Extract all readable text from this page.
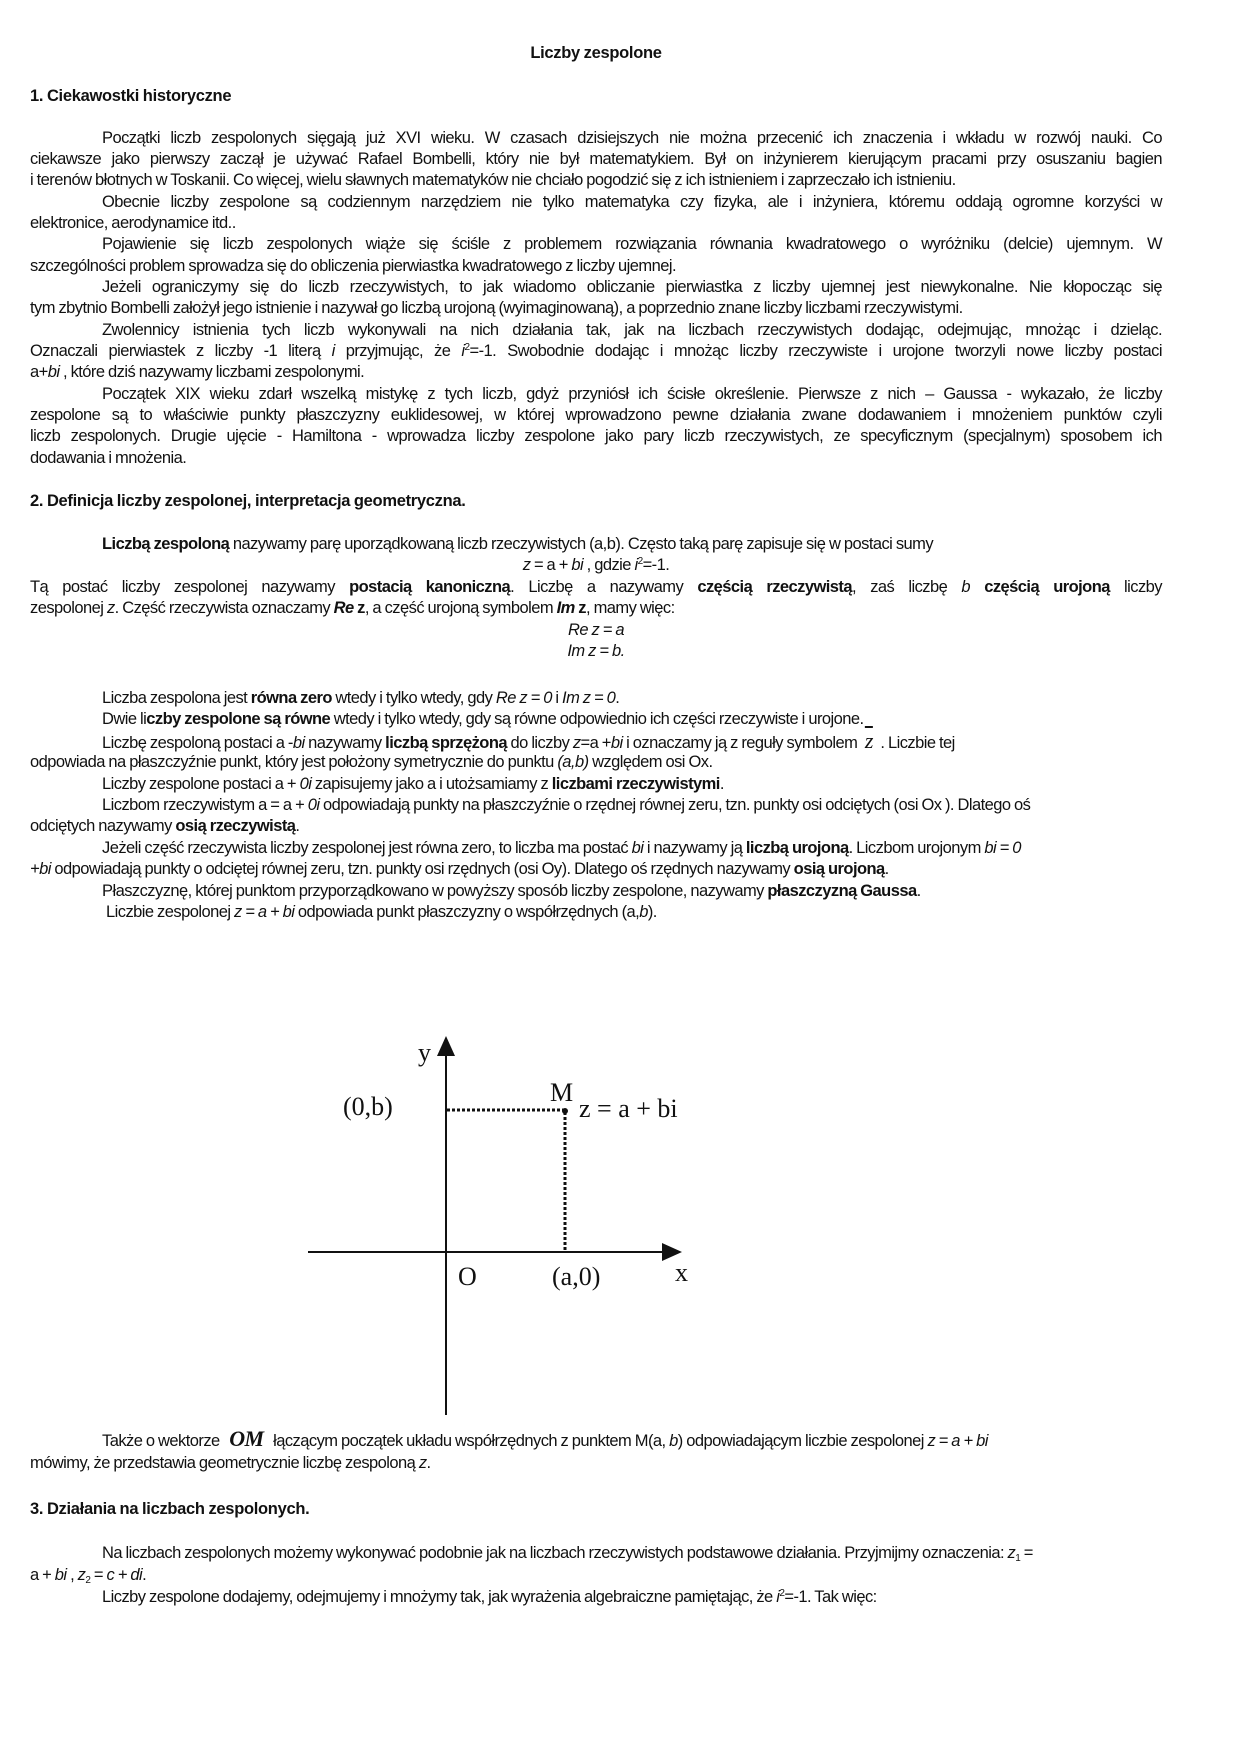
Liczby zespolone
1. Ciekawostki historyczne
Początki liczb zespolonych sięgają już XVI wieku. W czasach dzisiejszych nie można przecenić ich znaczenia i wkładu w rozwój nauki. Co
ciekawsze jako pierwszy zaczął je używać Rafael Bombelli, który nie był matematykiem. Był on inżynierem kierującym pracami przy osuszaniu bagien
i terenów błotnych w Toskanii. Co więcej, wielu sławnych matematyków nie chciało pogodzić się z ich istnieniem i zaprzeczało ich istnieniu.
Obecnie liczby zespolone są codziennym narzędziem nie tylko matematyka czy fizyka, ale i inżyniera, któremu oddają ogromne korzyści w
elektronice, aerodynamice itd..
Pojawienie się liczb zespolonych wiąże się ściśle z problemem rozwiązania równania kwadratowego o wyróżniku (delcie) ujemnym. W
szczególności problem sprowadza się do obliczenia pierwiastka kwadratowego z liczby ujemnej.
Jeżeli ograniczymy się do liczb rzeczywistych, to jak wiadomo obliczanie pierwiastka z liczby ujemnej jest niewykonalne. Nie kłopocząc się
tym zbytnio Bombelli założył jego istnienie i nazywał go liczbą urojoną (wyimaginowaną), a poprzednio znane liczby liczbami rzeczywistymi.
Zwolennicy istnienia tych liczb wykonywali na nich działania tak, jak na liczbach rzeczywistych dodając, odejmując, mnożąc i dzieląc.
Oznaczali pierwiastek z liczby -1 literą i przyjmując, że $i^2=-1$. Swobodnie dodając i mnożąc liczby rzeczywiste i urojone tworzyli nowe liczby postaci
a+bi , które dziś nazywamy liczbami zespolonymi.
Początek XIX wieku zdarł wszelką mistykę z tych liczb, gdyż przyniósł ich ścisłe określenie. Pierwsze z nich – Gaussa - wykazało, że liczby
zespolone są to właściwie punkty płaszczyzny euklidesowej, w której wprowadzono pewne działania zwane dodawaniem i mnożeniem punktów czyli
liczb zespolonych. Drugie ujęcie - Hamiltona - wprowadza liczby zespolone jako pary liczb rzeczywistych, ze specyficznym (specjalnym) sposobem ich
dodawania i mnożenia.
2. Definicja liczby zespolonej, interpretacja geometryczna.
Liczbą zespoloną nazywamy parę uporządkowaną liczb rzeczywistych (a,b). Często taką parę zapisuje się w postaci sumy
z = a + bi , gdzie $i^2=-1$.
Tą postać liczby zespolonej nazywamy postacią kanoniczną. Liczbę a nazywamy częścią rzeczywistą, zaś liczbę b częścią urojoną liczby
zespolonej z. Część rzeczywista oznaczamy Re z, a część urojoną symbolem Im z, mamy więc:
Re z = a
Im z = b.
Liczba zespolona jest równa zero wtedy i tylko wtedy, gdy Re z = 0 i Im z = 0.
Dwie liczby zespolone są równe wtedy i tylko wtedy, gdy są równe odpowiednio ich części rzeczywiste i urojone.
Liczbę zespoloną postaci a -bi nazywamy liczbą sprzężoną do liczby z=a +bi i oznaczamy ją z reguły symbolem $\overline{z}$ . Liczbie tej
odpowiada na płaszczyźnie punkt, który jest położony symetrycznie do punktu (a,b) względem osi Ox.
Liczby zespolone postaci a + 0i zapisujemy jako a i utożsamiamy z liczbami rzeczywistymi.
Liczbom rzeczywistym a = a + 0i odpowiadają punkty na płaszczyźnie o rzędnej równej zeru, tzn. punkty osi odciętych (osi Ox ). Dlatego oś
odciętych nazywamy osią rzeczywistą.
Jeżeli część rzeczywista liczby zespolonej jest równa zero, to liczba ma postać bi i nazywamy ją liczbą urojoną. Liczbom urojonym bi = 0
+bi odpowiadają punkty o odciętej równej zeru, tzn. punkty osi rzędnych (osi Oy). Dlatego oś rzędnych nazywamy osią urojoną.
Płaszczyznę, której punktom przyporządkowano w powyższy sposób liczby zespolone, nazywamy płaszczyzną Gaussa.
Liczbie zespolonej z = a + bi odpowiada punkt płaszczyzny o współrzędnych (a,b).
Także o wektorze OM łączącym początek układu współrzędnych z punktem M(a, b) odpowiadającym liczbie zespolonej z = a + bi
mówimy, że przedstawia geometrycznie liczbę zespoloną z.
3. Działania na liczbach zespolonych.
Na liczbach zespolonych możemy wykonywać podobnie jak na liczbach rzeczywistych podstawowe działania. Przyjmijmy oznaczenia: $z_1$ =
a + bi , $z_2 = c$ + di.
Liczby zespolone dodajemy, odejmujemy i mnożymy tak, jak wyrażenia algebraiczne pamiętając, że $i^2=-1$. Tak więc:
y
M
(0,b)	z = a + bi
O	(a,0)	x
